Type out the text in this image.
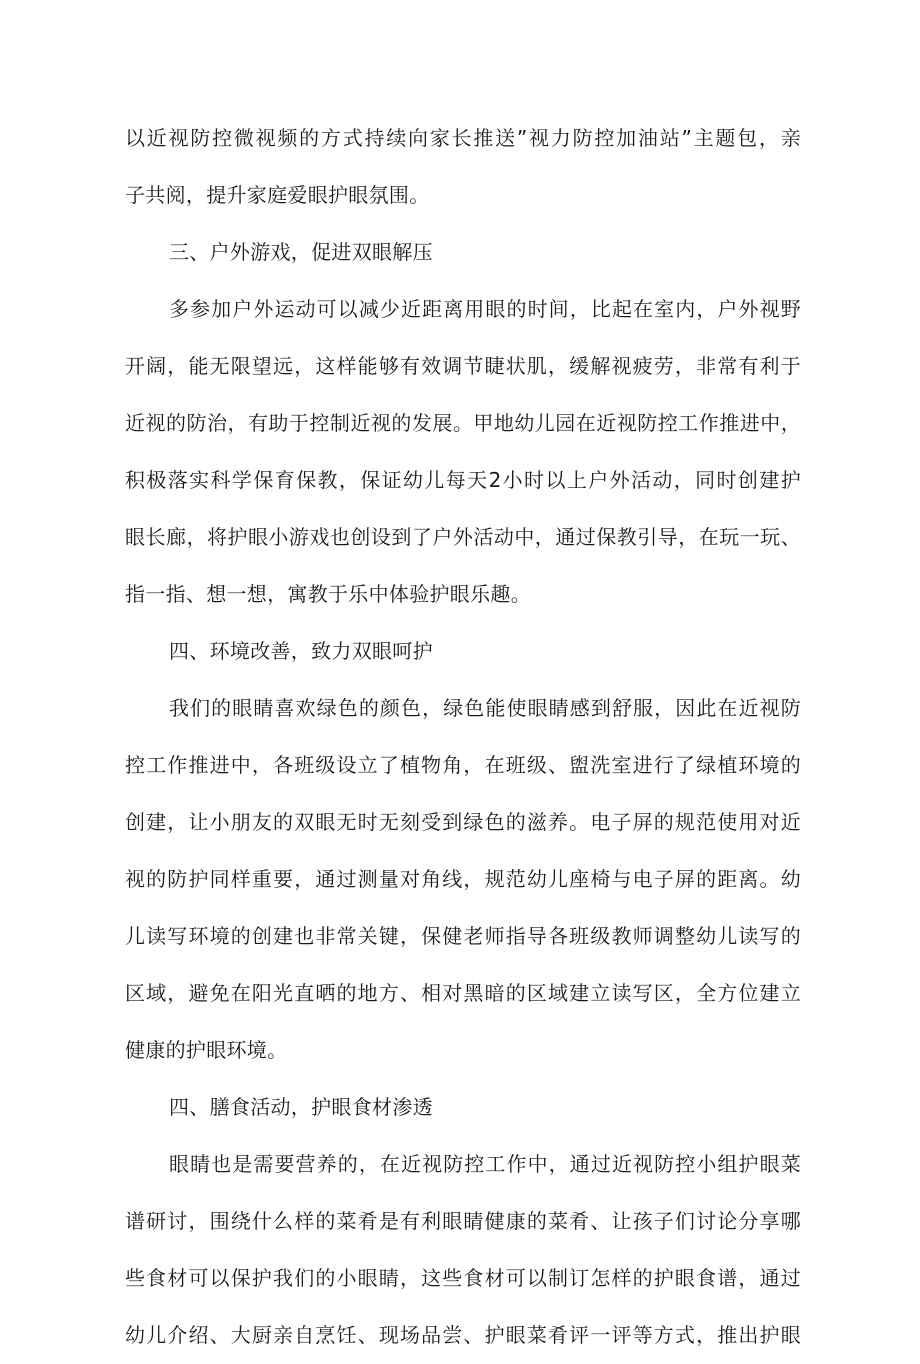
以近视防控微视频的方式持续向家长推送”视力防控加油站”主题包，亲
子共阅，提升家庭爱眼护眼氛围。
三、户外游戏，促进双眼解压
多参加户外运动可以减少近距离用眼的时间，比起在室内，户外视野
开阔，能无限望远，这样能够有效调节睫状肌，缓解视疲劳，非常有利于
近视的防治，有助于控制近视的发展。甲地幼儿园在近视防控工作推进中，
积极落实科学保育保教，保证幼儿每天2小时以上户外活动，同时创建护
眼长廊，将护眼小游戏也创设到了户外活动中，通过保教引导，在玩一玩、
指一指、想一想，寓教于乐中体验护眼乐趣。
四、环境改善，致力双眼呵护
我们的眼睛喜欢绿色的颜色，绿色能使眼睛感到舒服，因此在近视防
控工作推进中，各班级设立了植物角，在班级、盥洗室进行了绿植环境的
创建，让小朋友的双眼无时无刻受到绿色的滋养。电子屏的规范使用对近
视的防护同样重要，通过测量对角线，规范幼儿座椅与电子屏的距离。幼
儿读写环境的创建也非常关键，保健老师指导各班级教师调整幼儿读写的
区域，避免在阳光直晒的地方、相对黑暗的区域建立读写区，全方位建立
健康的护眼环境。
四、膳食活动，护眼食材渗透
眼睛也是需要营养的，在近视防控工作中，通过近视防控小组护眼菜
谱研讨，围绕什么样的菜肴是有利眼睛健康的菜肴、让孩子们讨论分享哪
些食材可以保护我们的小眼睛，这些食材可以制订怎样的护眼食谱，通过
幼儿介绍、大厨亲自烹饪、现场品尝、护眼菜肴评一评等方式，推出护眼
